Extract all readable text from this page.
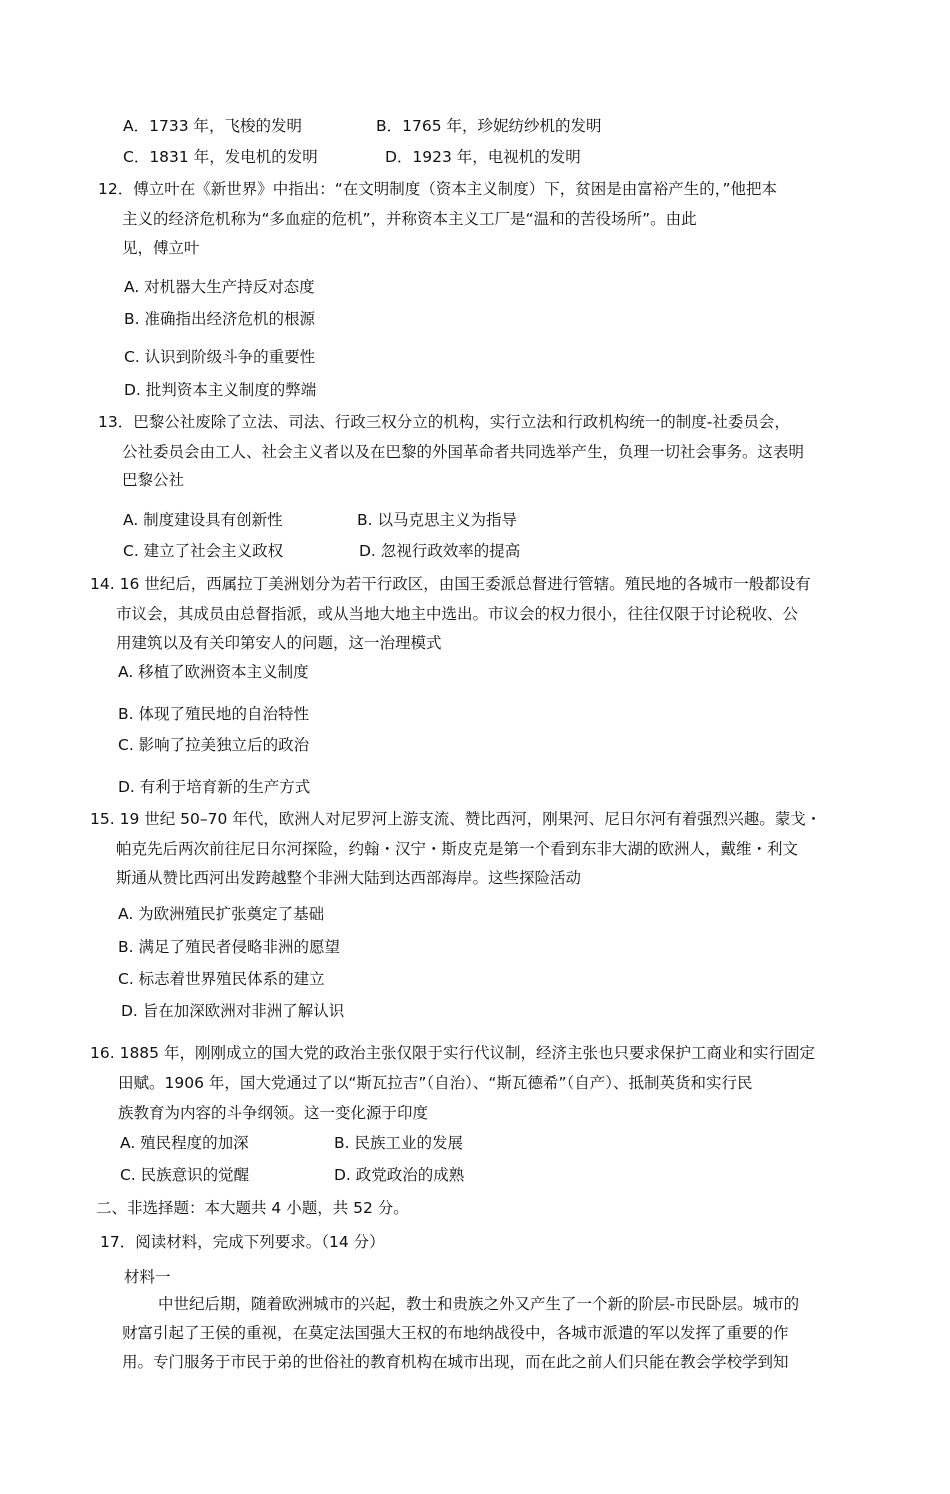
A．1733 年，飞梭的发明	B．1765 年，珍妮纺纱机的发明
C．1831 年，发电机的发明	D．1923 年，电视机的发明
12．傅立叶在《新世界》中指出：“在文明制度（资本主义制度）下，贫困是由富裕产生的，”他把本
主义的经济危机称为“多血症的危机”，并称资本主义工厂是“温和的苦役场所”。由此
见，傅立叶
A. 对机器大生产持反对态度
B. 准确指出经济危机的根源
C. 认识到阶级斗争的重要性
D. 批判资本主义制度的弊端
13．巴黎公社废除了立法、司法、行政三权分立的机构，实行立法和行政机构统一的制度-社委员会，
公社委员会由工人、社会主义者以及在巴黎的外国革命者共同选举产生，负理一切社会事务。这表明
巴黎公社
A. 制度建设具有创新性	B. 以马克思主义为指导
C. 建立了社会主义政权	D. 忽视行政效率的提高
14. 16 世纪后，西属拉丁美洲划分为若干行政区，由国王委派总督进行管辖。殖民地的各城市一般都设有
市议会，其成员由总督指派，或从当地大地主中选出。市议会的权力很小，往往仅限于讨论税收、公
用建筑以及有关印第安人的问题，这一治理模式
A. 移植了欧洲资本主义制度
B. 体现了殖民地的自治特性
C. 影响了拉美独立后的政治
D. 有利于培育新的生产方式
15. 19 世纪 50–70 年代，欧洲人对尼罗河上游支流、赞比西河，刚果河、尼日尔河有着强烈兴趣。蒙戈・
帕克先后两次前往尼日尔河探险，约翰・汉宁・斯皮克是第一个看到东非大湖的欧洲人，戴维・利文
斯通从赞比西河出发跨越整个非洲大陆到达西部海岸。这些探险活动
A. 为欧洲殖民扩张奠定了基础
B. 满足了殖民者侵略非洲的愿望
C. 标志着世界殖民体系的建立
D. 旨在加深欧洲对非洲了解认识
16. 1885 年，刚刚成立的国大党的政治主张仅限于实行代议制，经济主张也只要求保护工商业和实行固定
田赋。1906 年，国大党通过了以“斯瓦拉吉”（自治）、“斯瓦德希”（自产）、抵制英货和实行民
族教育为内容的斗争纲领。这一变化源于印度
A. 殖民程度的加深	B. 民族工业的发展
C. 民族意识的觉醒	D. 政党政治的成熟
二、非选择题：本大题共 4 小题，共 52 分。
17．阅读材料，完成下列要求。（14 分）
材料一
中世纪后期，随着欧洲城市的兴起，教士和贵族之外又产生了一个新的阶层-市民卧层。城市的
财富引起了王侯的重视，在莫定法国强大王权的布地纳战役中，各城市派遣的军以发挥了重要的作
用。专门服务于市民于弟的世俗社的教育机构在城市出现，而在此之前人们只能在教会学校学到知
